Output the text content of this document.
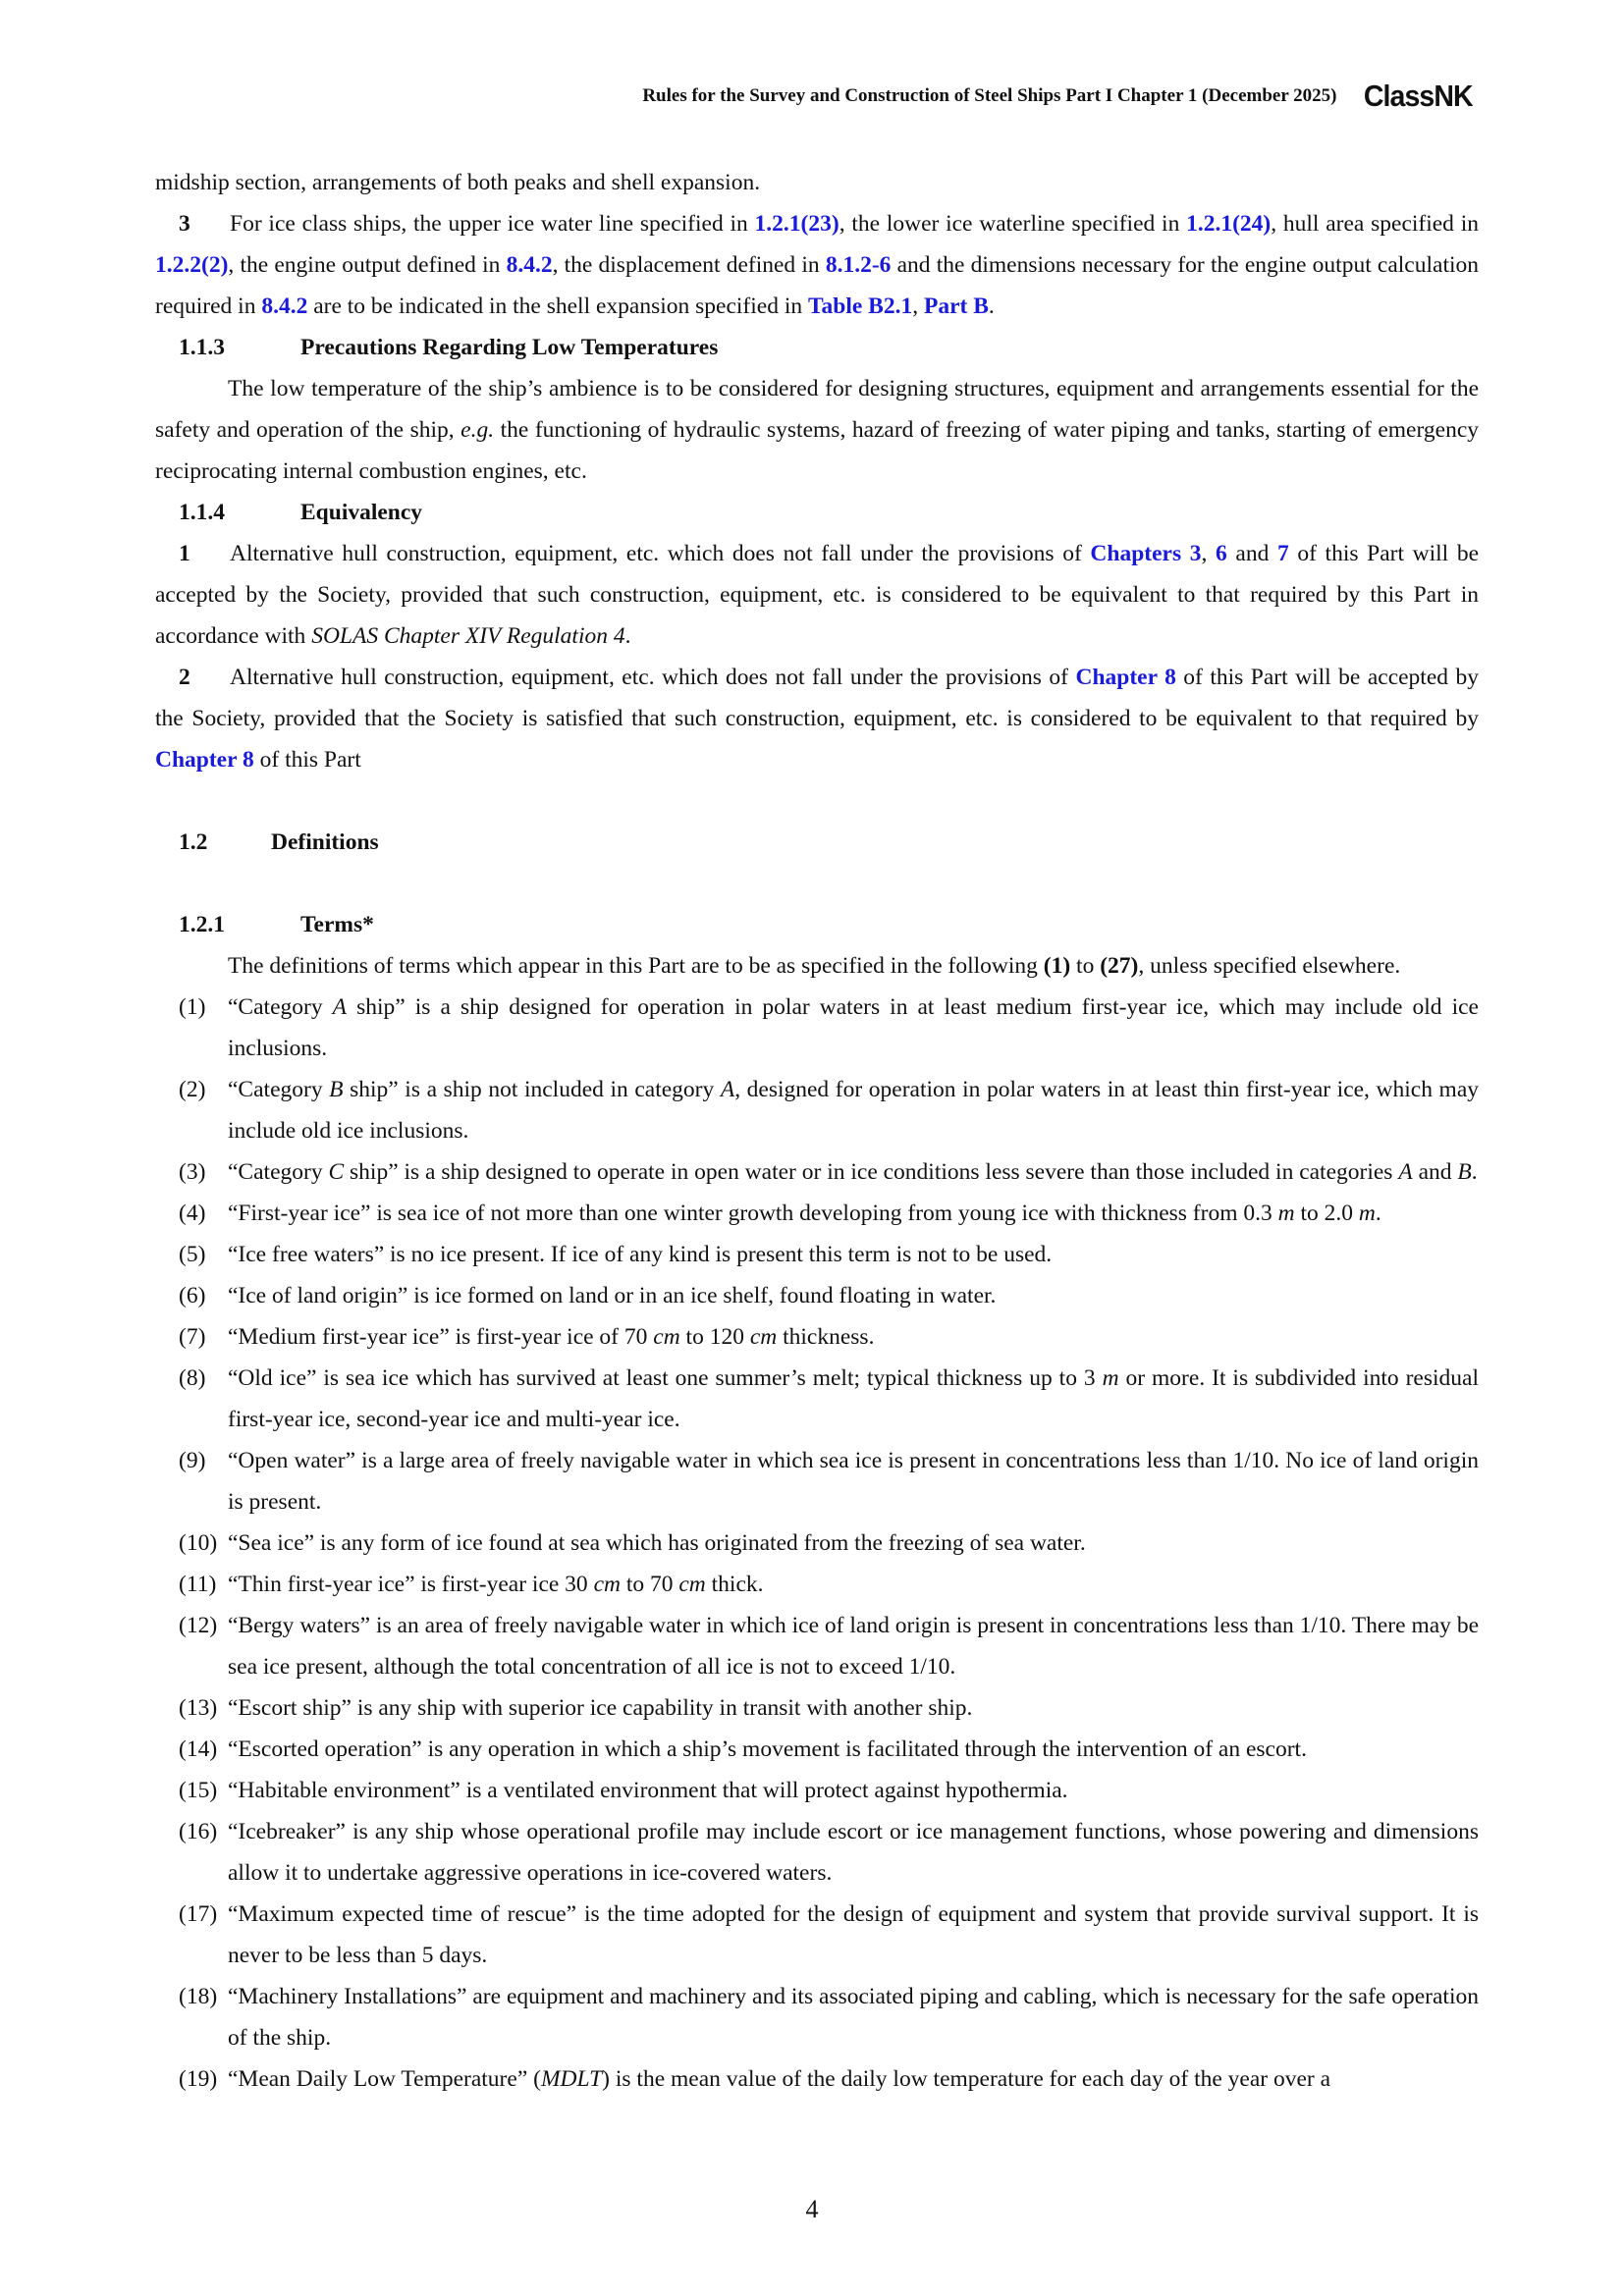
Rules for the Survey and Construction of Steel Ships Part I Chapter 1 (December 2025) ClassNK

midship section, arrangements of both peaks and shell expansion.

3 For ice class ships, the upper ice water line specified in 1.2.1(23), the lower ice waterline specified in 1.2.1(24), hull area specified in 1.2.2(2), the engine output defined in 8.4.2, the displacement defined in 8.1.2-6 and the dimensions necessary for the engine output calculation required in 8.4.2 are to be indicated in the shell expansion specified in Table B2.1, Part B.

1.1.3	Precautions Regarding Low Temperatures

The low temperature of the ship’s ambience is to be considered for designing structures, equipment and arrangements essential for the safety and operation of the ship, e.g. the functioning of hydraulic systems, hazard of freezing of water piping and tanks, starting of emergency reciprocating internal combustion engines, etc.

1.1.4	Equivalency

1 Alternative hull construction, equipment, etc. which does not fall under the provisions of Chapters 3, 6 and 7 of this Part will be accepted by the Society, provided that such construction, equipment, etc. is considered to be equivalent to that required by this Part in accordance with SOLAS Chapter XIV Regulation 4.

2 Alternative hull construction, equipment, etc. which does not fall under the provisions of Chapter 8 of this Part will be accepted by the Society, provided that the Society is satisfied that such construction, equipment, etc. is considered to be equivalent to that required by Chapter 8 of this Part

1.2	Definitions

1.2.1	Terms*

The definitions of terms which appear in this Part are to be as specified in the following (1) to (27), unless specified elsewhere.

(1) “Category A ship” is a ship designed for operation in polar waters in at least medium first-year ice, which may include old ice inclusions.
(2) “Category B ship” is a ship not included in category A, designed for operation in polar waters in at least thin first-year ice, which may include old ice inclusions.
(3) “Category C ship” is a ship designed to operate in open water or in ice conditions less severe than those included in categories A and B.
(4) “First-year ice” is sea ice of not more than one winter growth developing from young ice with thickness from 0.3 m to 2.0 m.
(5) “Ice free waters” is no ice present. If ice of any kind is present this term is not to be used.
(6) “Ice of land origin” is ice formed on land or in an ice shelf, found floating in water.
(7) “Medium first-year ice” is first-year ice of 70 cm to 120 cm thickness.
(8) “Old ice” is sea ice which has survived at least one summer’s melt; typical thickness up to 3 m or more. It is subdivided into residual first-year ice, second-year ice and multi-year ice.
(9) “Open water” is a large area of freely navigable water in which sea ice is present in concentrations less than 1/10. No ice of land origin is present.
(10) “Sea ice” is any form of ice found at sea which has originated from the freezing of sea water.
(11) “Thin first-year ice” is first-year ice 30 cm to 70 cm thick.
(12) “Bergy waters” is an area of freely navigable water in which ice of land origin is present in concentrations less than 1/10. There may be sea ice present, although the total concentration of all ice is not to exceed 1/10.
(13) “Escort ship” is any ship with superior ice capability in transit with another ship.
(14) “Escorted operation” is any operation in which a ship’s movement is facilitated through the intervention of an escort.
(15) “Habitable environment” is a ventilated environment that will protect against hypothermia.
(16) “Icebreaker” is any ship whose operational profile may include escort or ice management functions, whose powering and dimensions allow it to undertake aggressive operations in ice-covered waters.
(17) “Maximum expected time of rescue” is the time adopted for the design of equipment and system that provide survival support. It is never to be less than 5 days.
(18) “Machinery Installations” are equipment and machinery and its associated piping and cabling, which is necessary for the safe operation of the ship.
(19) “Mean Daily Low Temperature” (MDLT) is the mean value of the daily low temperature for each day of the year over a
4
